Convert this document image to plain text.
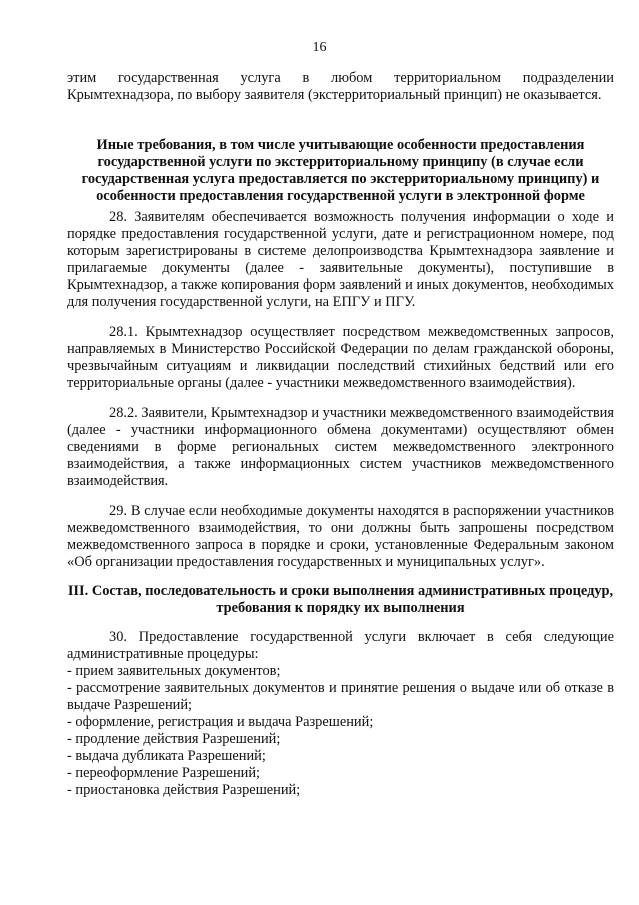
16

этим государственная услуга в любом территориальном подразделении Крымтехнадзора, по выбору заявителя (экстерриториальный принцип) не оказывается.

Иные требования, в том числе учитывающие особенности предоставления государственной услуги по экстерриториальному принципу (в случае если государственная услуга предоставляется по экстерриториальному принципу) и особенности предоставления государственной услуги в электронной форме

28. Заявителям обеспечивается возможность получения информации о ходе и порядке предоставления государственной услуги, дате и регистрационном номере, под которым зарегистрированы в системе делопроизводства Крымтехнадзора заявление и прилагаемые документы (далее - заявительные документы), поступившие в Крымтехнадзор, а также копирования форм заявлений и иных документов, необходимых для получения государственной услуги, на ЕПГУ и ПГУ.

28.1. Крымтехнадзор осуществляет посредством межведомственных запросов, направляемых в Министерство Российской Федерации по делам гражданской обороны, чрезвычайным ситуациям и ликвидации последствий стихийных бедствий или его территориальные органы (далее - участники межведомственного взаимодействия).

28.2. Заявители, Крымтехнадзор и участники межведомственного взаимодействия (далее - участники информационного обмена документами) осуществляют обмен сведениями в форме региональных систем межведомственного электронного взаимодействия, а также информационных систем участников межведомственного взаимодействия.

29. В случае если необходимые документы находятся в распоряжении участников межведомственного взаимодействия, то они должны быть запрошены посредством межведомственного запроса в порядке и сроки, установленные Федеральным законом «Об организации предоставления государственных и муниципальных услуг».

III. Состав, последовательность и сроки выполнения административных процедур, требования к порядку их выполнения

30. Предоставление государственной услуги включает в себя следующие административные процедуры:

- прием заявительных документов;

- рассмотрение заявительных документов и принятие решения о выдаче или об отказе в выдаче Разрешений;

- оформление, регистрация и выдача Разрешений;

- продление действия Разрешений;

- выдача дубликата Разрешений;

- переоформление Разрешений;

- приостановка действия Разрешений;
